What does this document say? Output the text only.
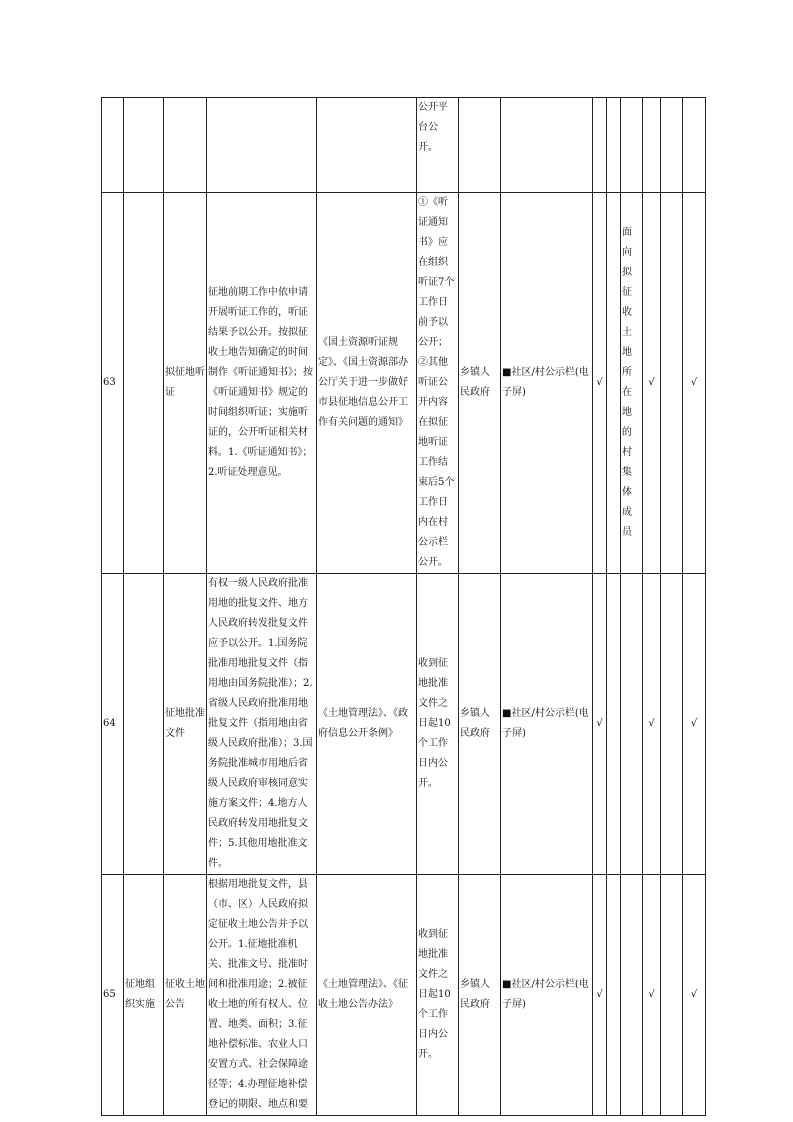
					公开平台公开。								
63		拟征地听证	征地前期工作中依申请开展听证工作的，听证结果予以公开。按拟征收土地告知确定的时间制作《听证通知书》；按《听证通知书》规定的时间组织听证；实施听证的，公开听证相关材料。1.《听证通知书》；2.听证处理意见。	《国土资源听证规定》、《国土资源部办公厅关于进一步做好市县征地信息公开工作有关问题的通知》	①《听证通知书》应在组织听证7个工作日前予以公开；②其他听证公开内容在拟征地听证工作结束后5个工作日内在村公示栏公开。	乡镇人民政府	■社区/村公示栏(电子屏)	√		面向拟征收土地所在地的村集体成员	√		√
64		征地批准文件	有权一级人民政府批准用地的批复文件、地方人民政府转发批复文件应予以公开。1.国务院批准用地批复文件（指用地由国务院批准）；2.省级人民政府批准用地批复文件（指用地由省级人民政府批准）；3.国务院批准城市用地后省级人民政府审核同意实施方案文件；4.地方人民政府转发用地批复文件；5.其他用地批准文件。	《土地管理法》、《政府信息公开条例》	收到征地批准文件之日起10个工作日内公开。	乡镇人民政府	■社区/村公示栏(电子屏)	√			√		√
65	征地组织实施	征收土地公告	根据用地批复文件，县（市、区）人民政府拟定征收土地公告并予以公开。1.征地批准机关、批准文号、批准时间和批准用途；2.被征收土地的所有权人、位置、地类、面积；3.征地补偿标准、农业人口安置方式、社会保障途径等；4.办理征地补偿登记的期限、地点和要	《土地管理法》、《征收土地公告办法》	收到征地批准文件之日起10个工作日内公开。	乡镇人民政府	■社区/村公示栏(电子屏)	√			√		√
